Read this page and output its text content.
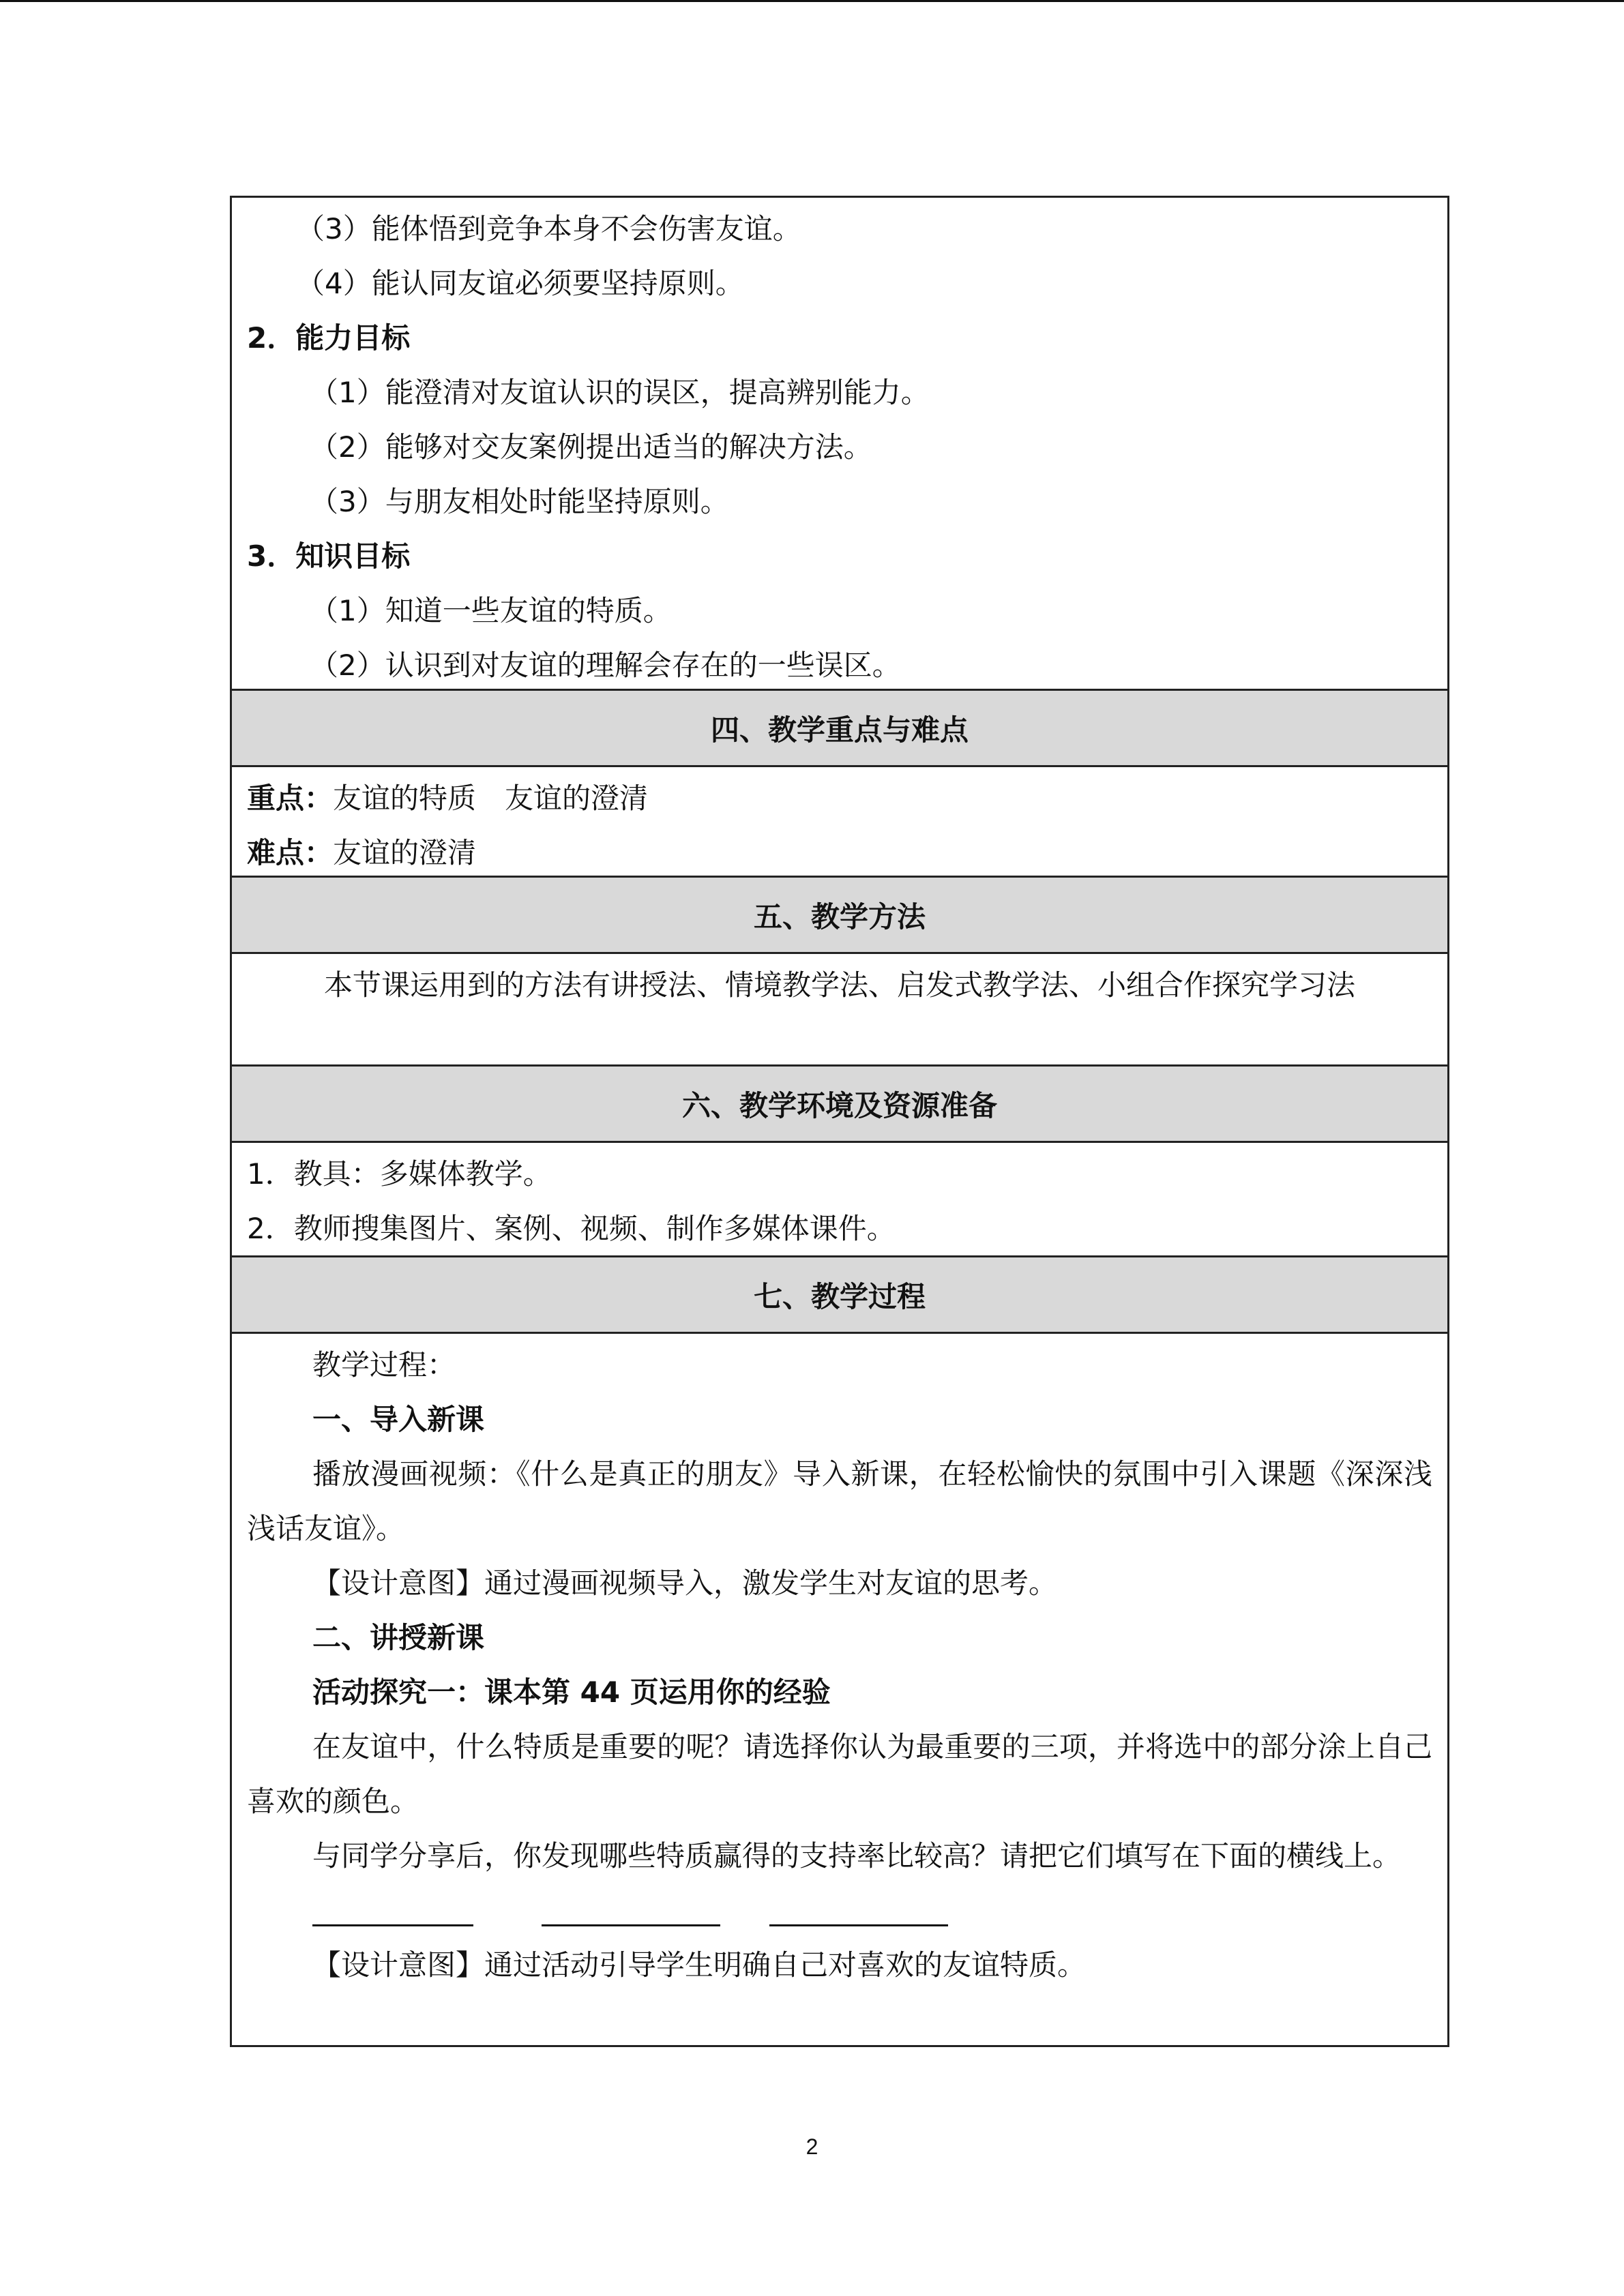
（3）能体悟到竞争本身不会伤害友谊。
（4）能认同友谊必须要坚持原则。
2．能力目标
（1）能澄清对友谊认识的误区，提高辨别能力。
（2）能够对交友案例提出适当的解决方法。
（3）与朋友相处时能坚持原则。
3．知识目标
（1）知道一些友谊的特质。
（2）认识到对友谊的理解会存在的一些误区。
四、教学重点与难点
重点：友谊的特质　友谊的澄清
难点：友谊的澄清
五、教学方法
本节课运用到的方法有讲授法、情境教学法、启发式教学法、小组合作探究学习法
六、教学环境及资源准备
1．教具：多媒体教学。
2．教师搜集图片、案例、视频、制作多媒体课件。
七、教学过程
教学过程：
一、导入新课
播放漫画视频：《什么是真正的朋友》导入新课，在轻松愉快的氛围中引入课题《深深浅浅话友谊》。
【设计意图】通过漫画视频导入，激发学生对友谊的思考。
二、讲授新课
活动探究一：课本第 44 页运用你的经验
在友谊中，什么特质是重要的呢？请选择你认为最重要的三项，并将选中的部分涂上自己喜欢的颜色。
与同学分享后，你发现哪些特质赢得的支持率比较高？请把它们填写在下面的横线上。
【设计意图】通过活动引导学生明确自己对喜欢的友谊特质。
2
